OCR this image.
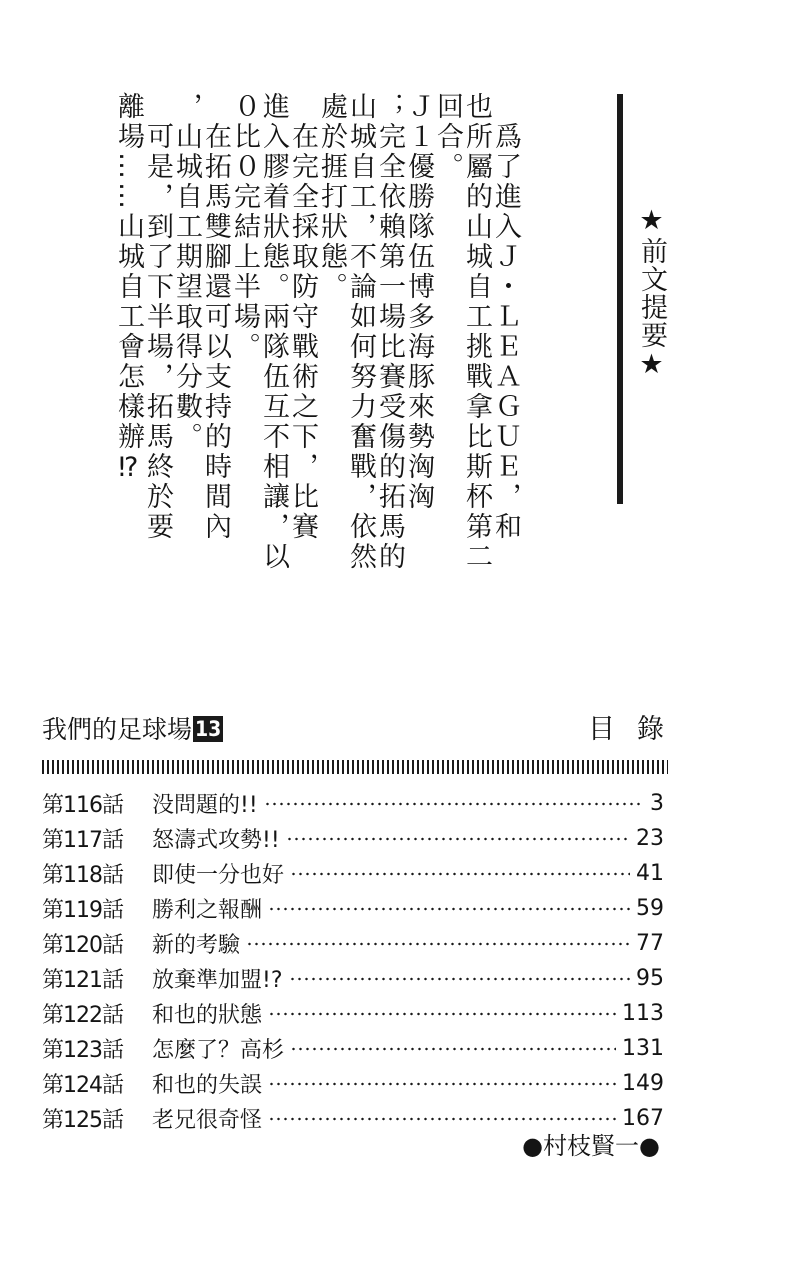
　爲了進入Ｊ・ＬＥＡＧＵＥ，和
也所屬的山城自工挑戰拿比斯杯第二
回合。
Ｊ１優勝隊伍博多海豚來勢洶洶
；完全依賴第一場比賽受傷的拓馬的
山城自工，不論如何努力奮戰，依然
處於捱打狀態。
　在完全採取防守戰術之下，比賽
進入膠着狀態。兩隊伍互不相讓，以
０比０完結上半場。
　在拓馬雙腳還可以支持的時間內
，山城自工期望取得分數。
　可是，到了下半場，拓馬終於要
離場……山城自工會怎樣辦⁉	★前文提要★
我們的足球場 13	目錄
第116話	没問題的!!	3
第117話	怒濤式攻勢!!	23
第118話	即使一分也好	41
第119話	勝利之報酬	59
第120話	新的考驗	77
第121話	放棄準加盟!?	95
第122話	和也的狀態	113
第123話	怎麼了？高杉	131
第124話	和也的失誤	149
第125話	老兄很奇怪	167
●村枝賢一●
